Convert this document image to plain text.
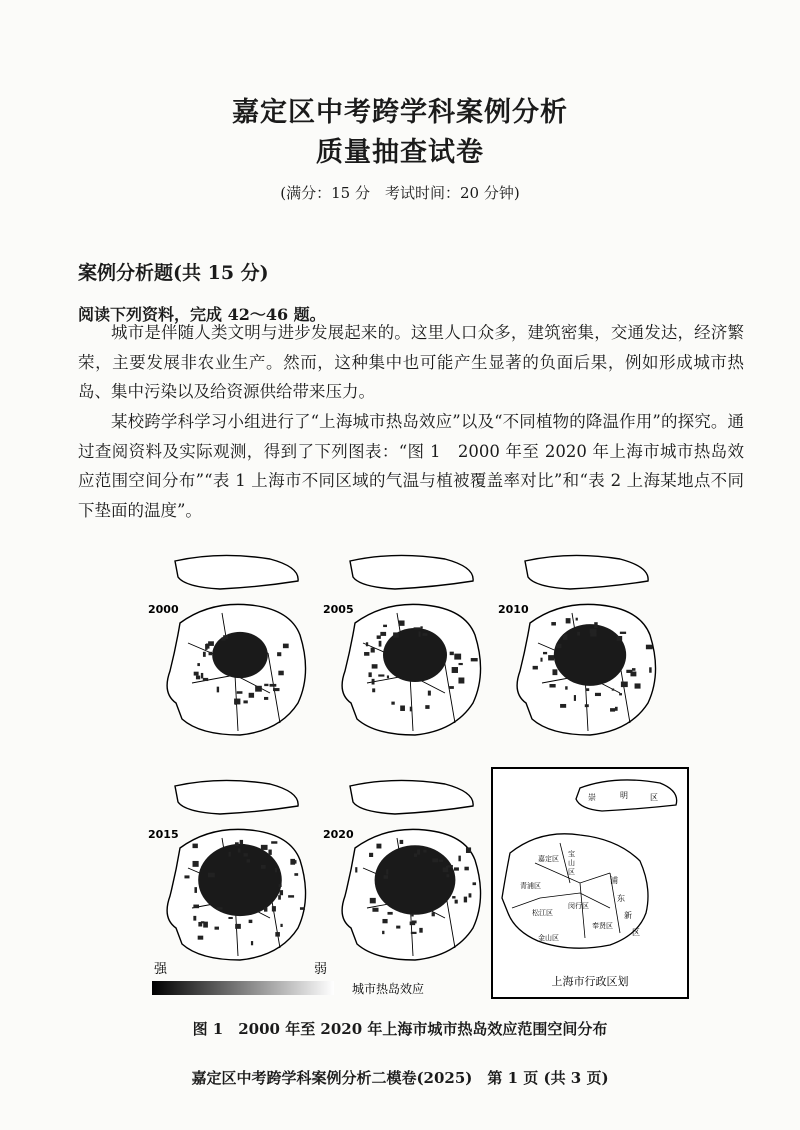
嘉定区中考跨学科案例分析
质量抽查试卷
(满分：15 分　考试时间：20 分钟)
案例分析题(共 15 分)
阅读下列资料，完成 42～46 题。
城市是伴随人类文明与进步发展起来的。这里人口众多，建筑密集，交通发达，经济繁荣，主要发展非农业生产。然而，这种集中也可能产生显著的负面后果，例如形成城市热岛、集中污染以及给资源供给带来压力。
某校跨学科学习小组进行了“上海城市热岛效应”以及“不同植物的降温作用”的探究。通过查阅资料及实际观测，得到了下列图表：“图 1　2000 年至 2020 年上海市城市热岛效应范围空间分布”“表 1 上海市不同区域的气温与植被覆盖率对比”和“表 2 上海某地点不同下垫面的温度”。
2000	2005	2010
2015	2020
崇	明	区
宝
山
区
嘉定区
浦
东
新
区
青浦区
闵行区
松江区
奉贤区
金山区
上海市行政区划
强	弱
城市热岛效应
图 1　2000 年至 2020 年上海市城市热岛效应范围空间分布
嘉定区中考跨学科案例分析二模卷(2025)　第 1 页 (共 3 页)
